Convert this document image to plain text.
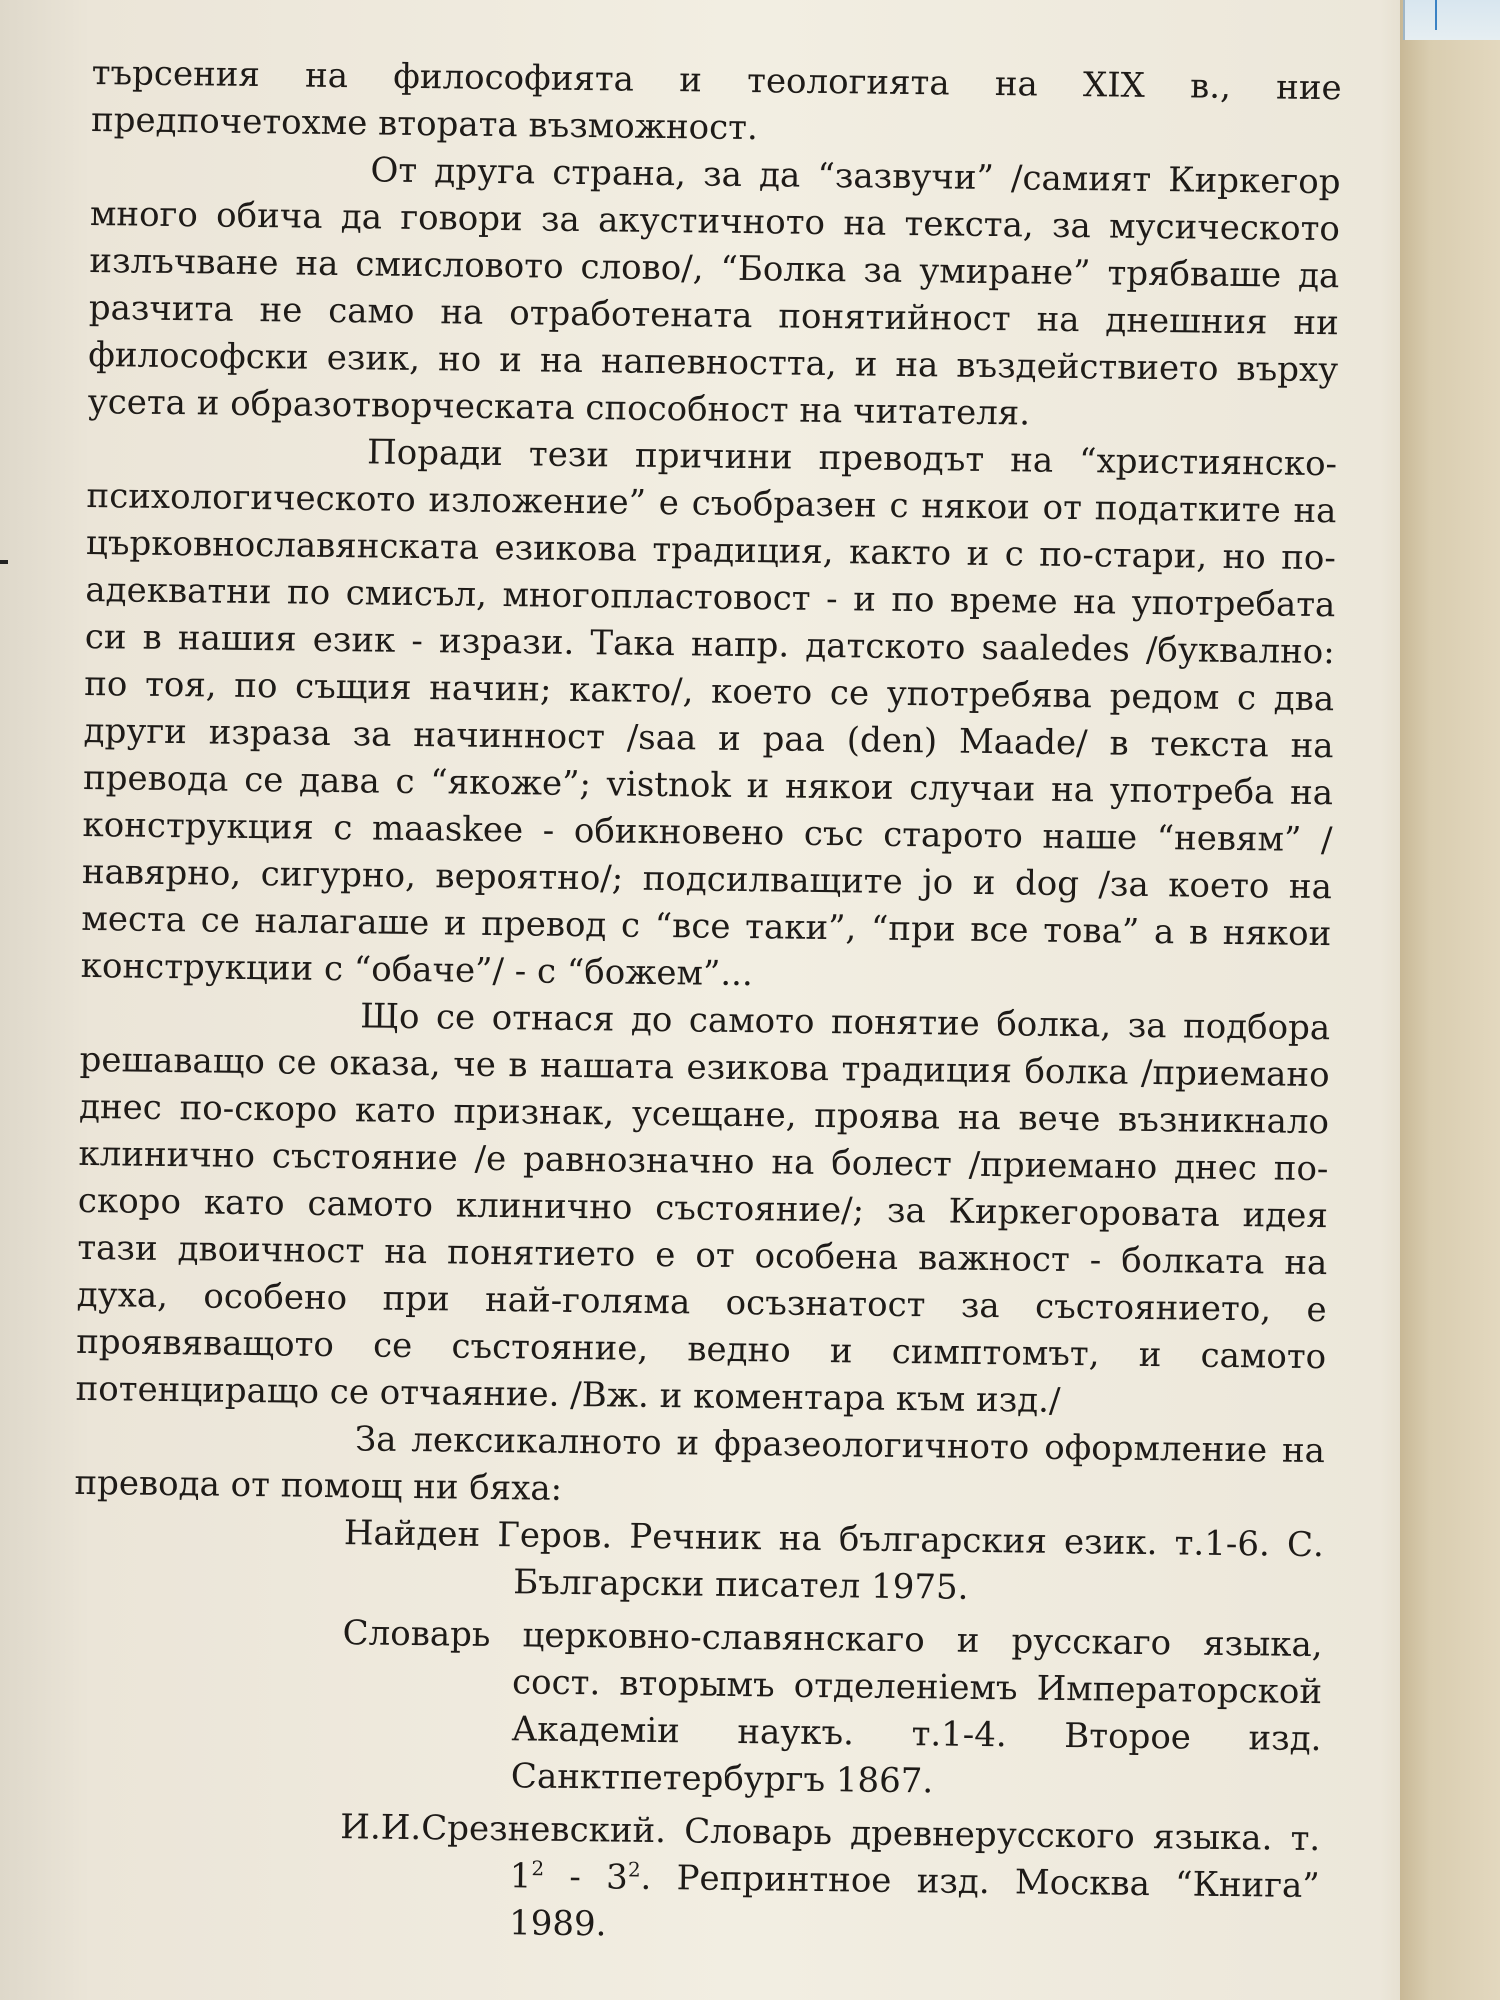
търсения на философията и теологията на XIX в., ние предпочетохме втората възможност.

От друга страна, за да “зазвучи” /самият Киркегор много обича да говори за акустичното на текста, за мусическото излъчване на смисловото слово/, “Болка за умиране” трябваше да разчита не само на отработената понятийност на днешния ни философски език, но и на напевността, и на въздействието върху усета и образотворческата способност на читателя.

Поради тези причини преводът на “християнско-психологическото изложение” е съобразен с някои от податките на църковнославянската езикова традиция, както и с по-стари, но по-адекватни по смисъл, многопластовост - и по време на употребата си в нашия език - изрази. Така напр. датското saaledes /буквално: по тоя, по същия начин; както/, което се употребява редом с два други израза за начинност /saa и paa (den) Maade/ в текста на превода се дава с “якоже”; vistnok и някои случаи на употреба на конструкция с maaskee - обикновено със старото наше “невям” /навярно, сигурно, вероятно/; подсилващите jo и dog /за което на места се налагаше и превод с “все таки”, “при все това” а в някои конструкции с “обаче”/ - с “божем”...

Що се отнася до самото понятие болка, за подбора решаващо се оказа, че в нашата езикова традиция болка /приемано днес по-скоро като признак, усещане, проява на вече възникнало клинично състояние /е равнозначно на болест /приемано днес по-скоро като самото клинично състояние/; за Киркегоровата идея тази двоичност на понятието е от особена важност - болката на духа, особено при най-голяма осъзнатост за състоянието, е проявяващото се състояние, ведно и симптомът, и самото потенциращо се отчаяние. /Вж. и коментара към изд./

За лексикалното и фразеологичното оформление на превода от помощ ни бяха:

Найден Геров. Речник на българския език. т.1-6. С. Български писател 1975.

Словарь церковно-славянскаго и русскаго языка, сост. вторымъ отделенiемъ Императорской Академiи наукъ. т.1-4. Второе изд. Санктпетербургъ 1867.

И.И.Срезневский. Словарь древнерусского языка. т. $1^2 - 3^2$. Репринтное изд. Москва “Книга” 1989.
